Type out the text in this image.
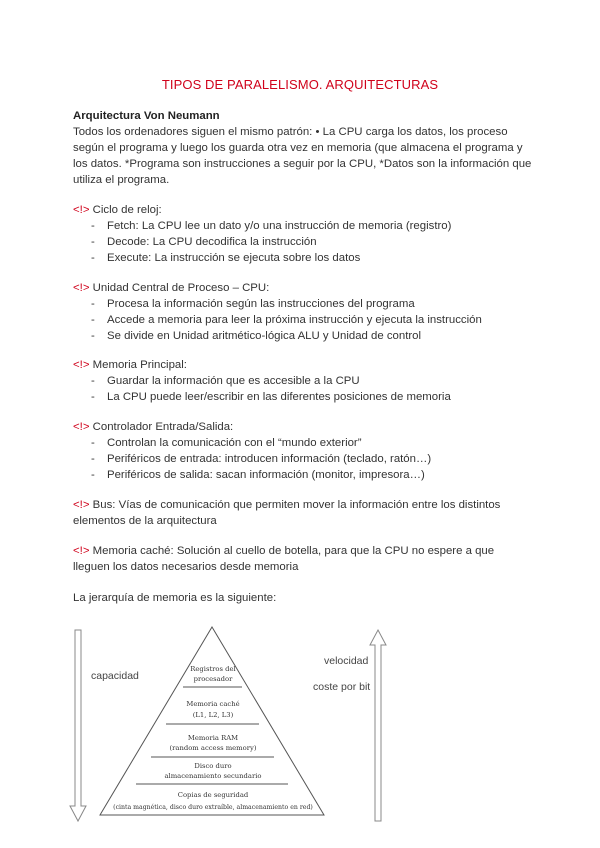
TIPOS DE PARALELISMO. ARQUITECTURAS
Arquitectura Von Neumann
Todos los ordenadores siguen el mismo patrón: • La CPU carga los datos, los proceso según el programa y luego los guarda otra vez en memoria (que almacena el programa y los datos. *Programa son instrucciones a seguir por la CPU, *Datos son la información que utiliza el programa.
<!> Ciclo de reloj:
- Fetch: La CPU lee un dato y/o una instrucción de memoria (registro)
- Decode: La CPU decodifica la instrucción
- Execute: La instrucción se ejecuta sobre los datos
<!> Unidad Central de Proceso – CPU:
- Procesa la información según las instrucciones del programa
- Accede a memoria para leer la próxima instrucción y ejecuta la instrucción
- Se divide en Unidad aritmético-lógica ALU y Unidad de control
<!> Memoria Principal:
- Guardar la información que es accesible a la CPU
- La CPU puede leer/escribir en las diferentes posiciones de memoria
<!> Controlador Entrada/Salida:
- Controlan la comunicación con el “mundo exterior”
- Periféricos de entrada: introducen información (teclado, ratón…)
- Periféricos de salida: sacan información (monitor, impresora…)
<!> Bus: Vías de comunicación que permiten mover la información entre los distintos elementos de la arquitectura
<!> Memoria caché: Solución al cuello de botella, para que la CPU no espere a que lleguen los datos necesarios desde memoria
La jerarquía de memoria es la siguiente:
capacidad
velocidad
coste por bit
Registros del
procesador
Memoria caché
(L1, L2, L3)
Memoria RAM
(random access memory)
Disco duro
almacenamiento secundario
Copias de seguridad
(cinta magnética, disco duro extraíble, almacenamiento en red)
